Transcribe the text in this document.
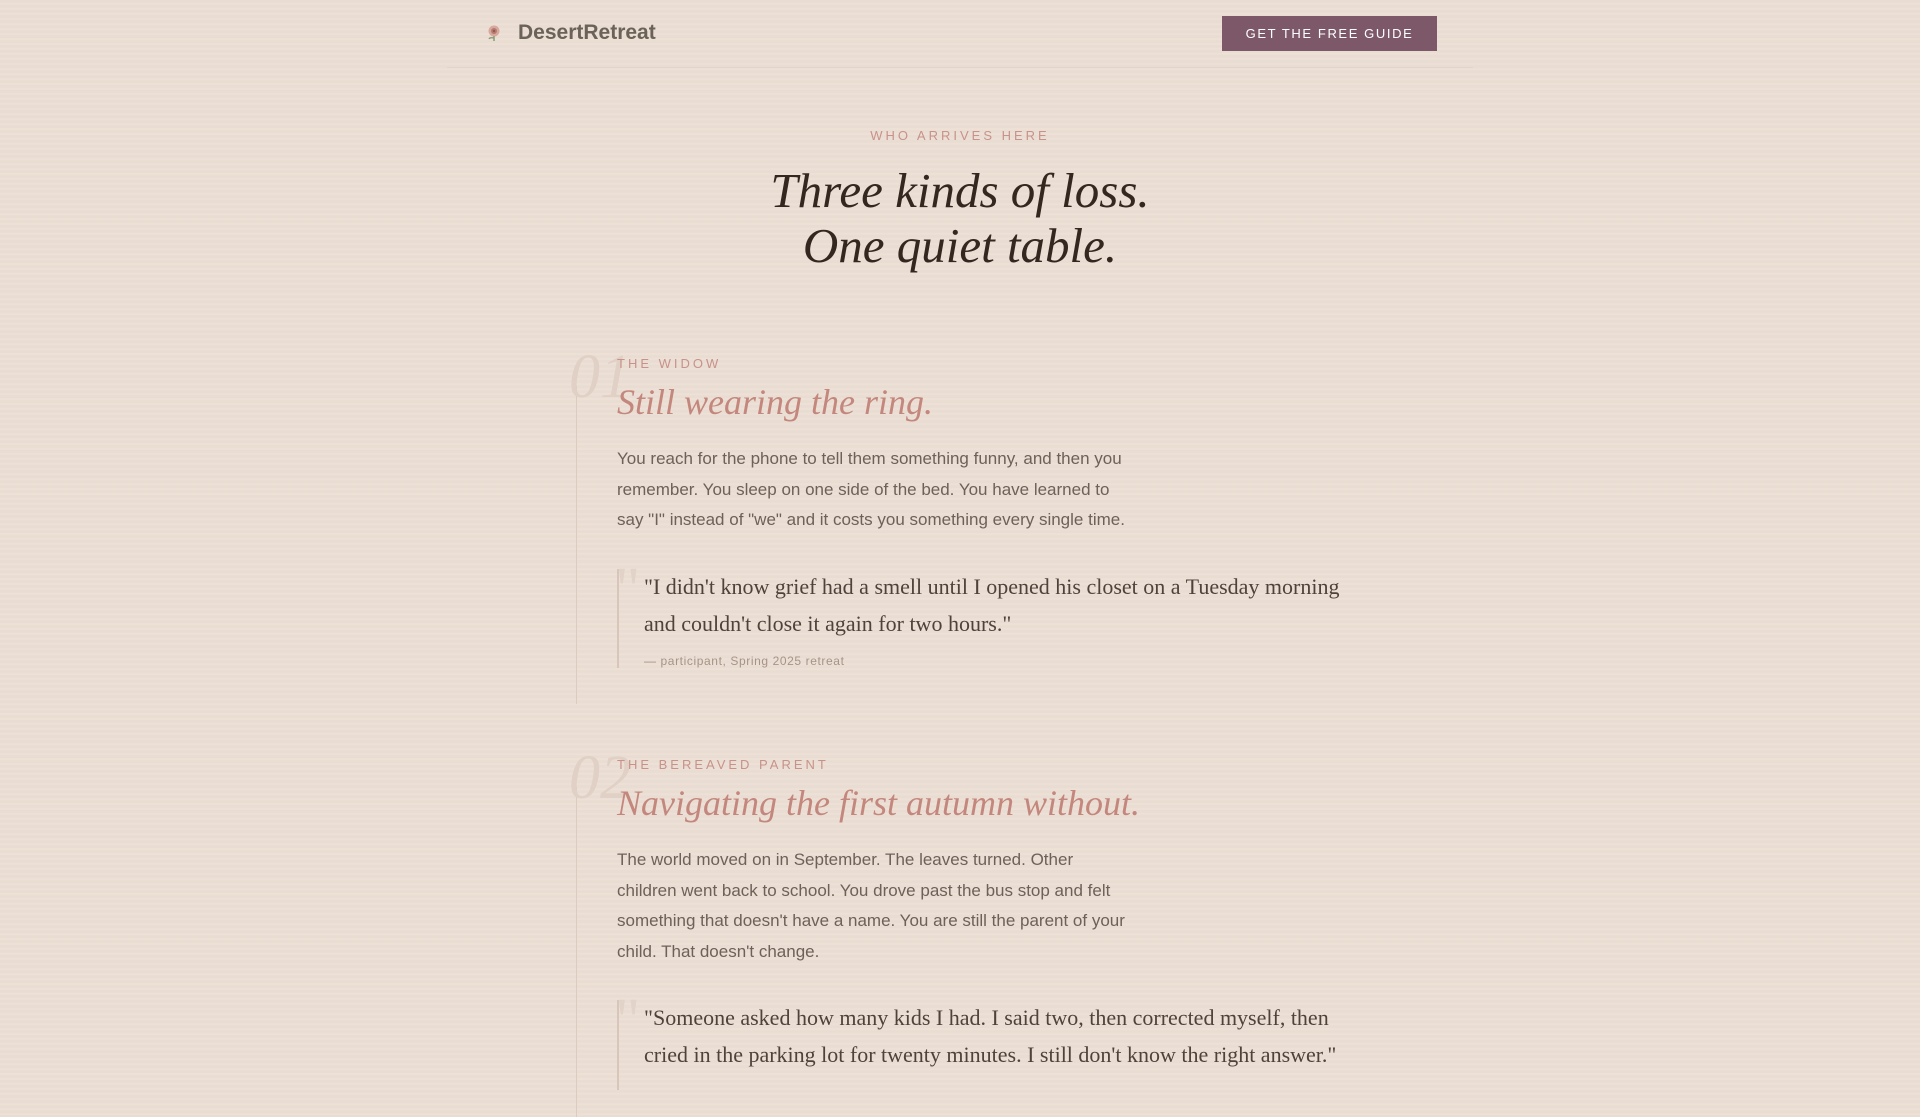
DesertRetreat	GET THE FREE GUIDE
WHO ARRIVES HERE
Three kinds of loss.
One quiet table.
01
THE WIDOW
Still wearing the ring.

You reach for the phone to tell them something funny, and then you remember. You sleep on one side of the bed. You have learned to say "I" instead of "we" and it costs you something every single time.

" "I didn't know grief had a smell until I opened his closet on a Tuesday morning and couldn't close it again for two hours."

— participant, Spring 2025 retreat
02
THE BEREAVED PARENT
Navigating the first autumn without.

The world moved on in September. The leaves turned. Other children went back to school. You drove past the bus stop and felt something that doesn't have a name. You are still the parent of your child. That doesn't change.

" "Someone asked how many kids I had. I said two, then corrected myself, then cried in the parking lot for twenty minutes. I still don't know the right answer."
